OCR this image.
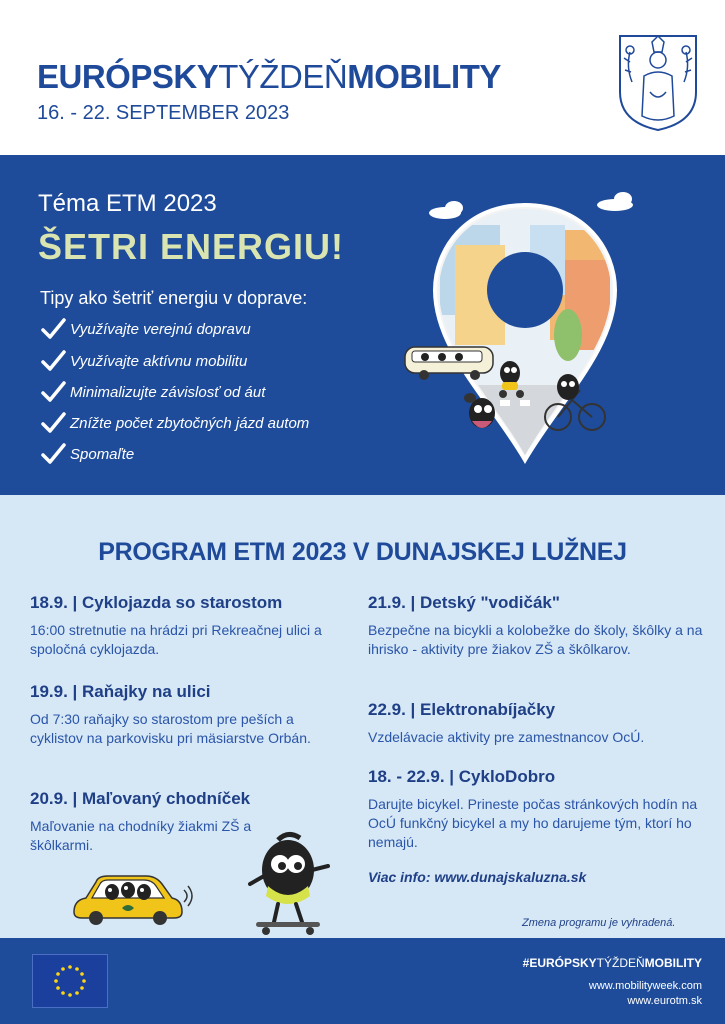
EURÓPSKYTÝŽDEŇMOBILITY
16. - 22. SEPTEMBER 2023
Téma ETM 2023
ŠETRI ENERGIU!
Tipy ako šetriť energiu v doprave:
Využívajte verejnú dopravu
Využívajte aktívnu mobilitu
Minimalizujte závislosť od áut
Znížte počet zbytočných jázd autom
Spomaľte
PROGRAM ETM 2023 V DUNAJSKEJ LUŽNEJ
18.9. | Cyklojazda so starostom
16:00 stretnutie na hrádzi pri Rekreačnej ulici a spoločná cyklojazda.
19.9. | Raňajky na ulici
Od 7:30 raňajky so starostom pre peších a cyklistov na parkovisku pri mäsiarstve Orbán.
20.9. | Maľovaný chodníček
Maľovanie na chodníky žiakmi ZŠ a škôlkarmi.
21.9. | Detský "vodičák"
Bezpečne na bicykli a kolobežke do školy, škôlky a na ihrisko - aktivity pre žiakov ZŠ a škôlkarov.
22.9. | Elektronabíjačky
Vzdelávacie aktivity pre zamestnancov OcÚ.
18. - 22.9. | CykloDobro
Darujte bicykel. Prineste počas stránkových hodín na OcÚ funkčný bicykel a my ho darujeme tým, ktorí ho nemajú.
Viac info: www.dunajskaluzna.sk
Zmena programu je vyhradená.
#EURÓPSKYTÝŽDEŇMOBILITY
www.mobilityweek.com
www.eurotm.sk
